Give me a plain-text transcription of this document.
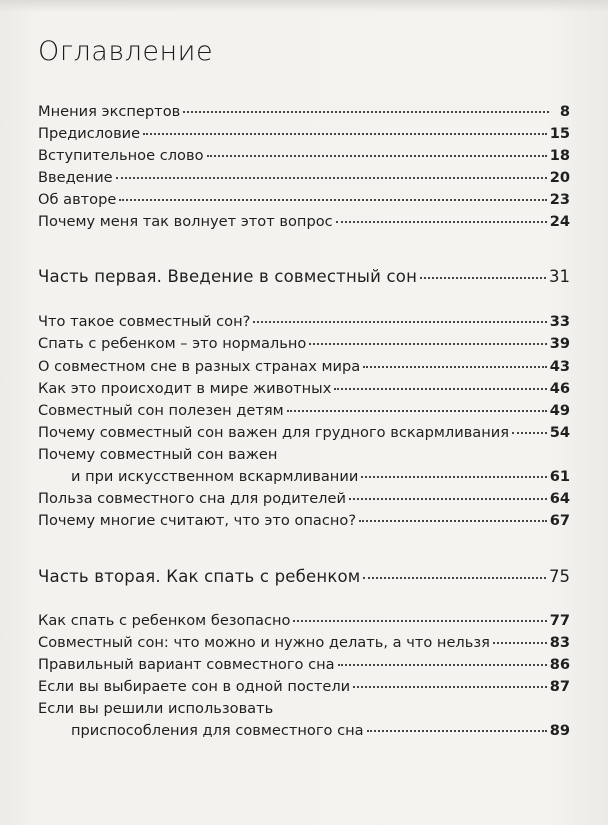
Оглавление
Мнения экспертов	8
Предисловие	15
Вступительное слово	18
Введение	20
Об авторе	23
Почему меня так волнует этот вопрос	24
Часть первая. Введение в совместный сон	31
Что такое совместный сон?	33
Спать с ребенком – это нормально	39
О совместном сне в разных странах мира	43
Как это происходит в мире животных	46
Совместный сон полезен детям	49
Почему совместный сон важен для грудного вскармливания	54
Почему совместный сон важен
и при искусственном вскармливании	61
Польза совместного сна для родителей	64
Почему многие считают, что это опасно?	67
Часть вторая. Как спать с ребенком	75
Как спать с ребенком безопасно	77
Совместный сон: что можно и нужно делать, а что нельзя	83
Правильный вариант совместного сна	86
Если вы выбираете сон в одной постели	87
Если вы решили использовать
приспособления для совместного сна	89
